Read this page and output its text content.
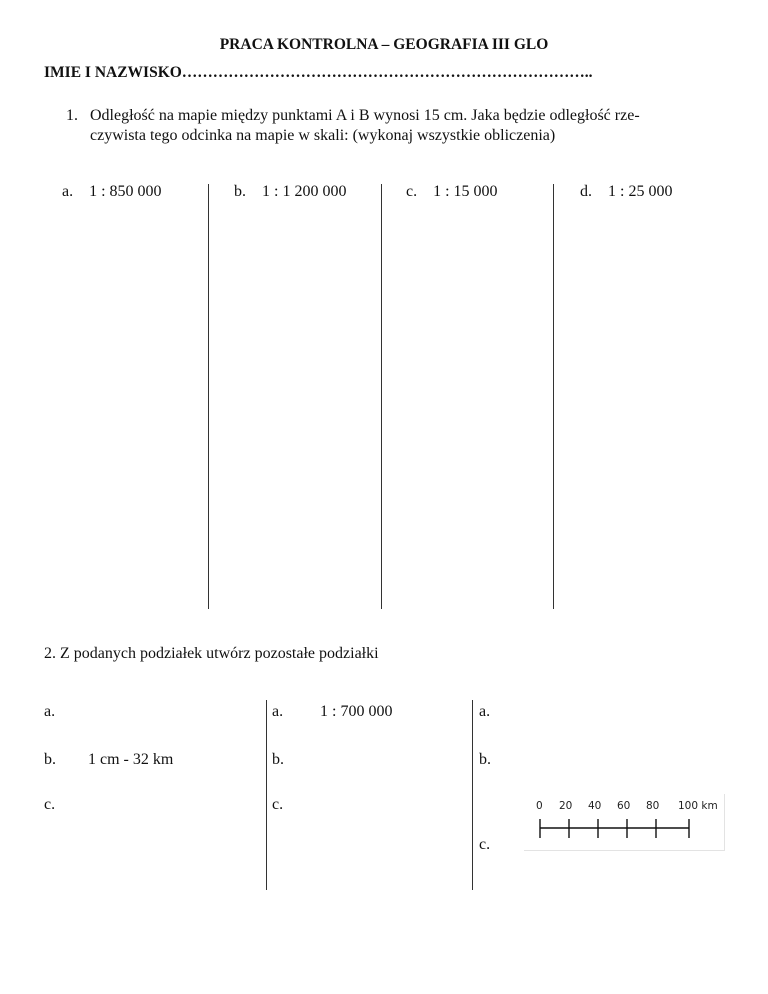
PRACA KONTROLNA – GEOGRAFIA III GLO
IMIE I NAZWISKO……………………………………………………………………..
1. Odległość na mapie między punktami A i B wynosi 15 cm. Jaka będzie odległość rze-
czywista tego odcinka na mapie w skali: (wykonaj wszystkie obliczenia)
a. 1 : 850 000	b. 1 : 1 200 000	c. 1 : 15 000	d. 1 : 25 000
2. Z podanych podziałek utwórz pozostałe podziałki
a.
b. 1 cm - 32 km
c.
a. 1 : 700 000
b.
c.
a.
b.
c.
0 20 40 60 80 100 km
